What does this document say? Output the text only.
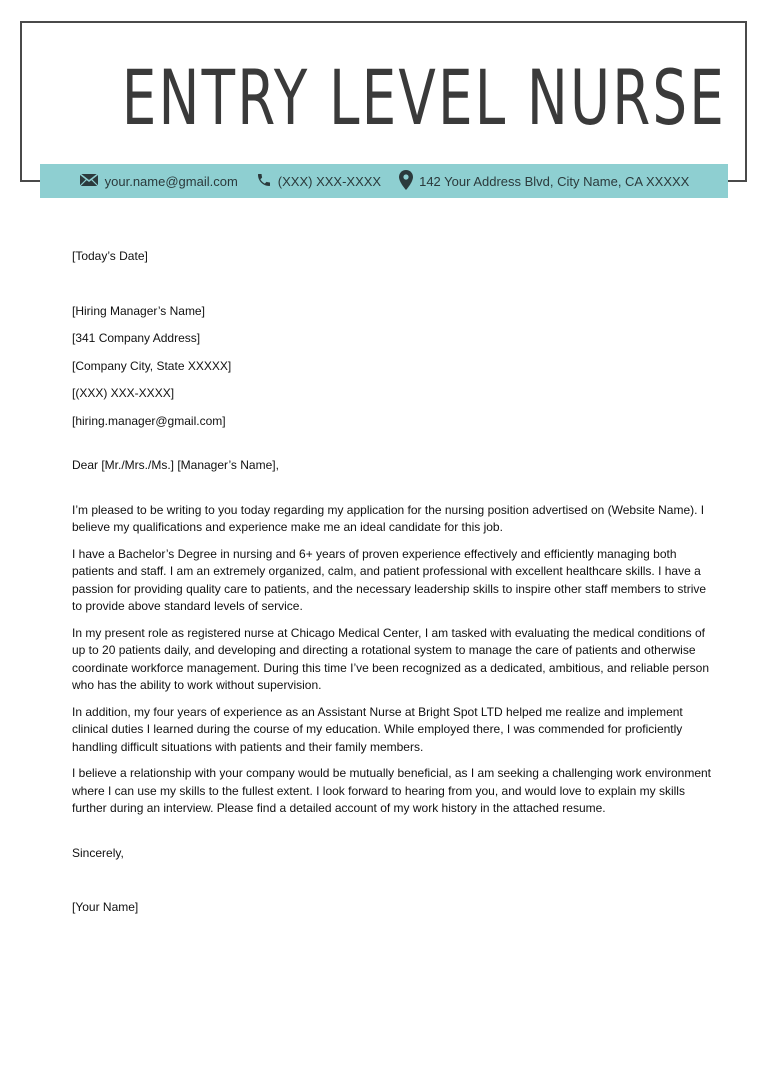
ENTRY LEVEL NURSE
your.name@gmail.com	(XXX) XXX-XXXX	142 Your Address Blvd, City Name, CA XXXXX

[Today’s Date]

[Hiring Manager’s Name]

[341 Company Address]

[Company City, State XXXXX]

[(XXX) XXX-XXXX]

[hiring.manager@gmail.com]

Dear [Mr./Mrs./Ms.] [Manager’s Name],

I’m pleased to be writing to you today regarding my application for the nursing position advertised on (Website Name). I believe my qualifications and experience make me an ideal candidate for this job.

I have a Bachelor’s Degree in nursing and 6+ years of proven experience effectively and efficiently managing both patients and staff. I am an extremely organized, calm, and patient professional with excellent healthcare skills. I have a passion for providing quality care to patients, and the necessary leadership skills to inspire other staff members to strive to provide above standard levels of service.

In my present role as registered nurse at Chicago Medical Center, I am tasked with evaluating the medical conditions of up to 20 patients daily, and developing and directing a rotational system to manage the care of patients and otherwise coordinate workforce management. During this time I’ve been recognized as a dedicated, ambitious, and reliable person who has the ability to work without supervision.

In addition, my four years of experience as an Assistant Nurse at Bright Spot LTD helped me realize and implement clinical duties I learned during the course of my education. While employed there, I was commended for proficiently handling difficult situations with patients and their family members.

I believe a relationship with your company would be mutually beneficial, as I am seeking a challenging work environment where I can use my skills to the fullest extent. I look forward to hearing from you, and would love to explain my skills further during an interview. Please find a detailed account of my work history in the attached resume.

Sincerely,

[Your Name]
